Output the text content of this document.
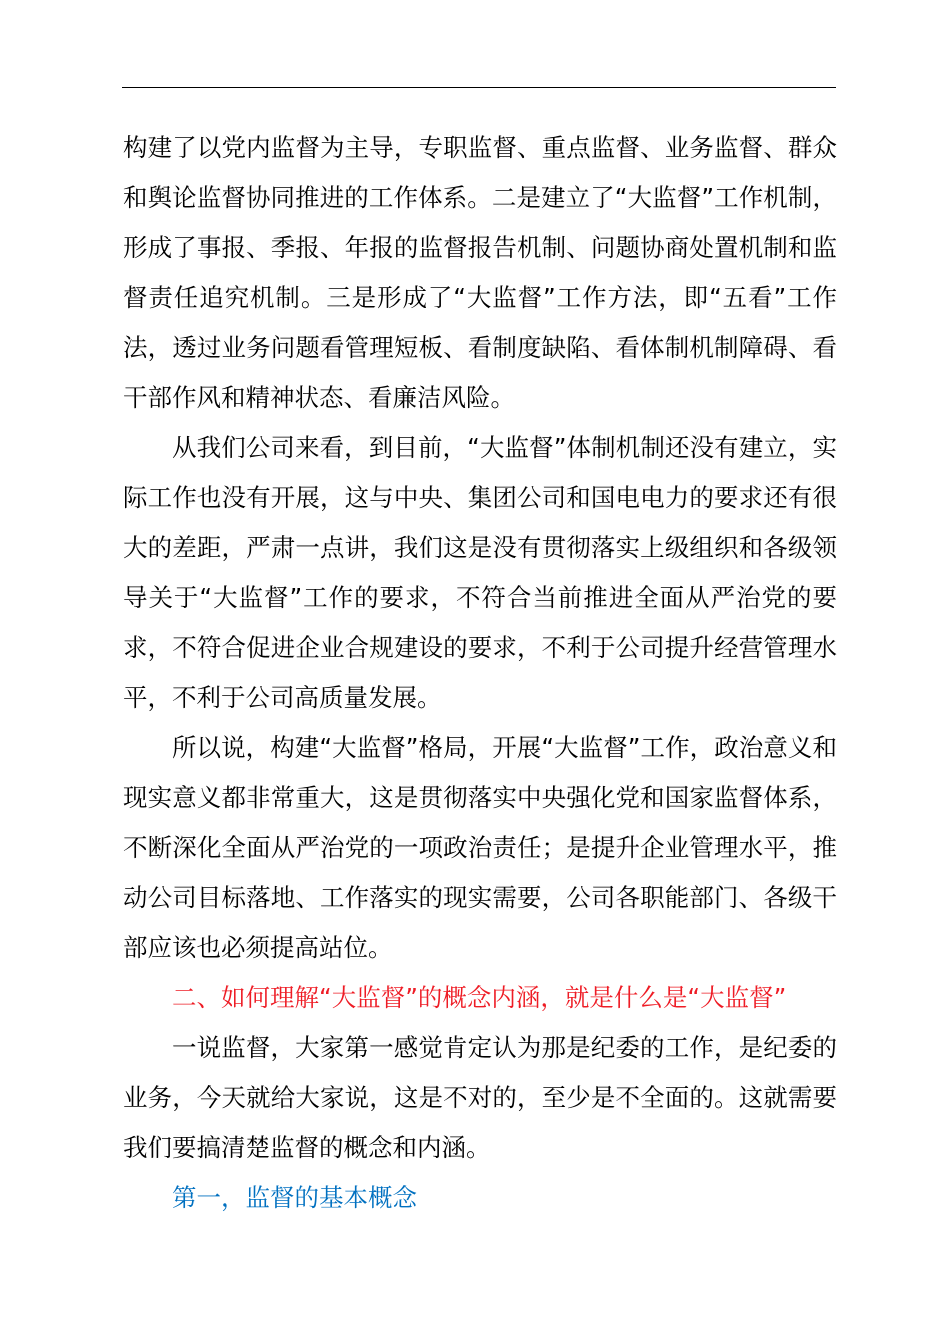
构建了以党内监督为主导，专职监督、重点监督、业务监督、群众和舆论监督协同推进的工作体系。二是建立了“大监督”工作机制，形成了事报、季报、年报的监督报告机制、问题协商处置机制和监督责任追究机制。三是形成了“大监督”工作方法，即“五看”工作法，透过业务问题看管理短板、看制度缺陷、看体制机制障碍、看干部作风和精神状态、看廉洁风险。

从我们公司来看，到目前，“大监督”体制机制还没有建立，实际工作也没有开展，这与中央、集团公司和国电电力的要求还有很大的差距，严肃一点讲，我们这是没有贯彻落实上级组织和各级领导关于“大监督”工作的要求，不符合当前推进全面从严治党的要求，不符合促进企业合规建设的要求，不利于公司提升经营管理水平，不利于公司高质量发展。

所以说，构建“大监督”格局，开展“大监督”工作，政治意义和现实意义都非常重大，这是贯彻落实中央强化党和国家监督体系，不断深化全面从严治党的一项政治责任；是提升企业管理水平，推动公司目标落地、工作落实的现实需要，公司各职能部门、各级干部应该也必须提高站位。

二、如何理解“大监督”的概念内涵，就是什么是“大监督”

一说监督，大家第一感觉肯定认为那是纪委的工作，是纪委的业务，今天就给大家说，这是不对的，至少是不全面的。这就需要我们要搞清楚监督的概念和内涵。

第一，监督的基本概念
